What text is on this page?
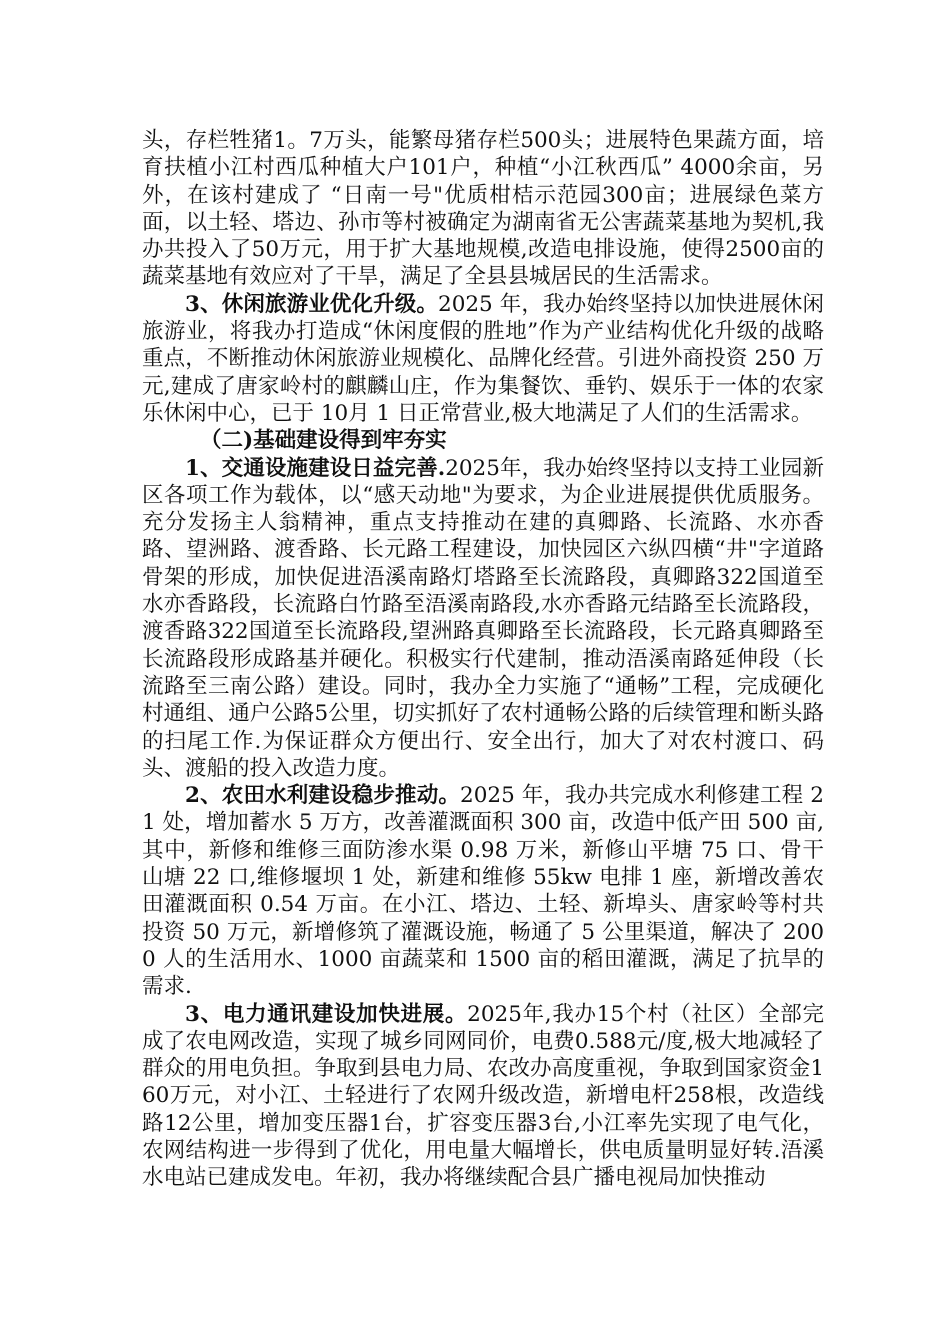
头，存栏牲猪1。7万头，能繁母猪存栏500头；进展特色果蔬方面，培育扶植小江村西瓜种植大户101户，种植“小江秋西瓜” 4000余亩，另外，在该村建成了 “日南一号"优质柑桔示范园300亩；进展绿色菜方面，以土轻、塔边、孙市等村被确定为湖南省无公害蔬菜基地为契机,我办共投入了50万元，用于扩大基地规模,改造电排设施，使得2500亩的蔬菜基地有效应对了干旱，满足了全县县城居民的生活需求。

3、休闲旅游业优化升级。2025 年，我办始终坚持以加快进展休闲旅游业，将我办打造成“休闲度假的胜地”作为产业结构优化升级的战略重点，不断推动休闲旅游业规模化、品牌化经营。引进外商投资 250 万元,建成了唐家岭村的麒麟山庄，作为集餐饮、垂钓、娱乐于一体的农家乐休闲中心，已于 10月 1 日正常营业,极大地满足了人们的生活需求。

（二)基础建设得到牢夯实

1、交通设施建设日益完善.2025年，我办始终坚持以支持工业园新区各项工作为载体，以“感天动地"为要求，为企业进展提供优质服务。充分发扬主人翁精神，重点支持推动在建的真卿路、长流路、水亦香路、望洲路、渡香路、长元路工程建设，加快园区六纵四横“井"字道路骨架的形成，加快促进浯溪南路灯塔路至长流路段，真卿路322国道至水亦香路段，长流路白竹路至浯溪南路段,水亦香路元结路至长流路段，渡香路322国道至长流路段,望洲路真卿路至长流路段，长元路真卿路至长流路段形成路基并硬化。积极实行代建制，推动浯溪南路延伸段（长流路至三南公路）建设。同时，我办全力实施了“通畅”工程，完成硬化村通组、通户公路5公里，切实抓好了农村通畅公路的后续管理和断头路的扫尾工作.为保证群众方便出行、安全出行，加大了对农村渡口、码头、渡船的投入改造力度。

2、农田水利建设稳步推动。2025 年，我办共完成水利修建工程 21 处，增加蓄水 5 万方，改善灌溉面积 300 亩，改造中低产田 500 亩,其中，新修和维修三面防渗水渠 0.98 万米，新修山平塘 75 口、骨干山塘 22 口,维修堰坝 1 处，新建和维修 55kw 电排 1 座，新增改善农田灌溉面积 0.54 万亩。在小江、塔边、土轻、新埠头、唐家岭等村共投资 50 万元，新增修筑了灌溉设施，畅通了 5 公里渠道，解决了 2000 人的生活用水、1000 亩蔬菜和 1500 亩的稻田灌溉，满足了抗旱的需求.

3、电力通讯建设加快进展。2025年,我办15个村（社区）全部完成了农电网改造，实现了城乡同网同价，电费0.588元/度,极大地减轻了群众的用电负担。争取到县电力局、农改办高度重视，争取到国家资金160万元，对小江、土轻进行了农网升级改造，新增电杆258根，改造线路12公里，增加变压器1台，扩容变压器3台,小江率先实现了电气化，农网结构进一步得到了优化，用电量大幅增长，供电质量明显好转.浯溪水电站已建成发电。年初，我办将继续配合县广播电视局加快推动
